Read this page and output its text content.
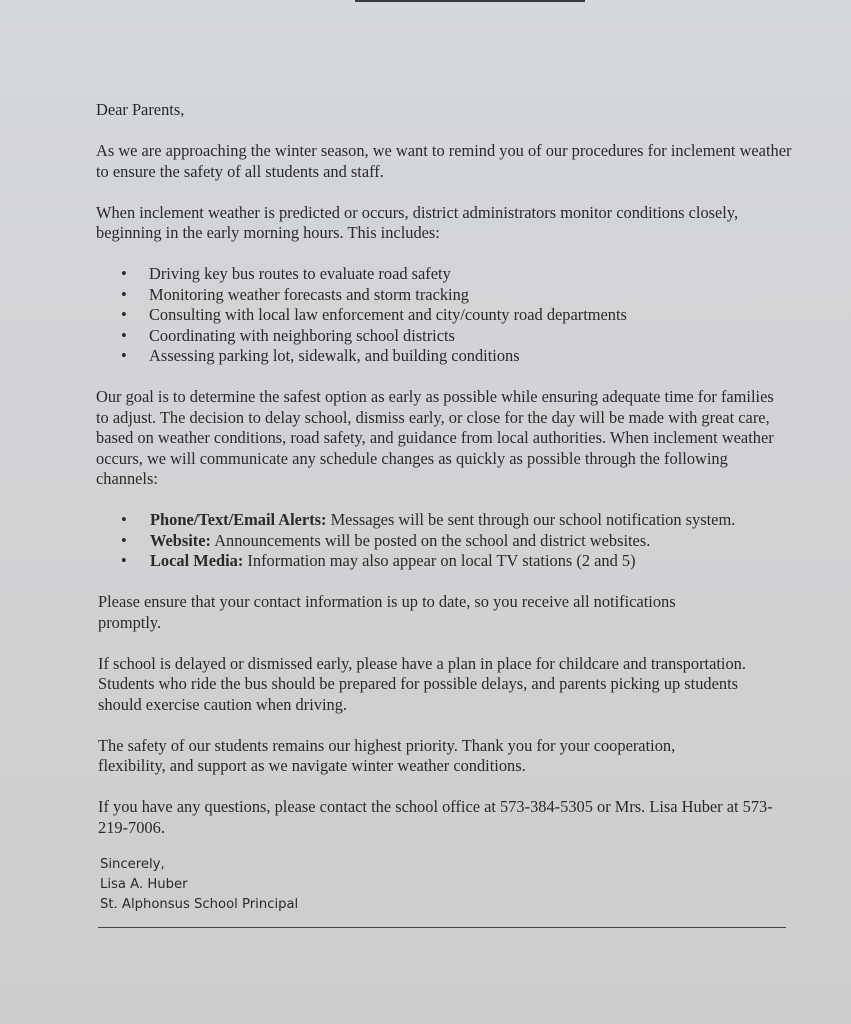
Dear Parents,

As we are approaching the winter season, we want to remind you of our procedures for inclement weather to ensure the safety of all students and staff.

When inclement weather is predicted or occurs, district administrators monitor conditions closely, beginning in the early morning hours. This includes:

• Driving key bus routes to evaluate road safety
• Monitoring weather forecasts and storm tracking
• Consulting with local law enforcement and city/county road departments
• Coordinating with neighboring school districts
• Assessing parking lot, sidewalk, and building conditions

Our goal is to determine the safest option as early as possible while ensuring adequate time for families to adjust. The decision to delay school, dismiss early, or close for the day will be made with great care, based on weather conditions, road safety, and guidance from local authorities. When inclement weather occurs, we will communicate any schedule changes as quickly as possible through the following channels:

• Phone/Text/Email Alerts: Messages will be sent through our school notification system.
• Website: Announcements will be posted on the school and district websites.
• Local Media: Information may also appear on local TV stations (2 and 5)

Please ensure that your contact information is up to date, so you receive all notifications promptly.

If school is delayed or dismissed early, please have a plan in place for childcare and transportation. Students who ride the bus should be prepared for possible delays, and parents picking up students should exercise caution when driving.

The safety of our students remains our highest priority. Thank you for your cooperation, flexibility, and support as we navigate winter weather conditions.

If you have any questions, please contact the school office at 573-384-5305 or Mrs. Lisa Huber at 573-219-7006.

Sincerely,
Lisa A. Huber
St. Alphonsus School Principal
